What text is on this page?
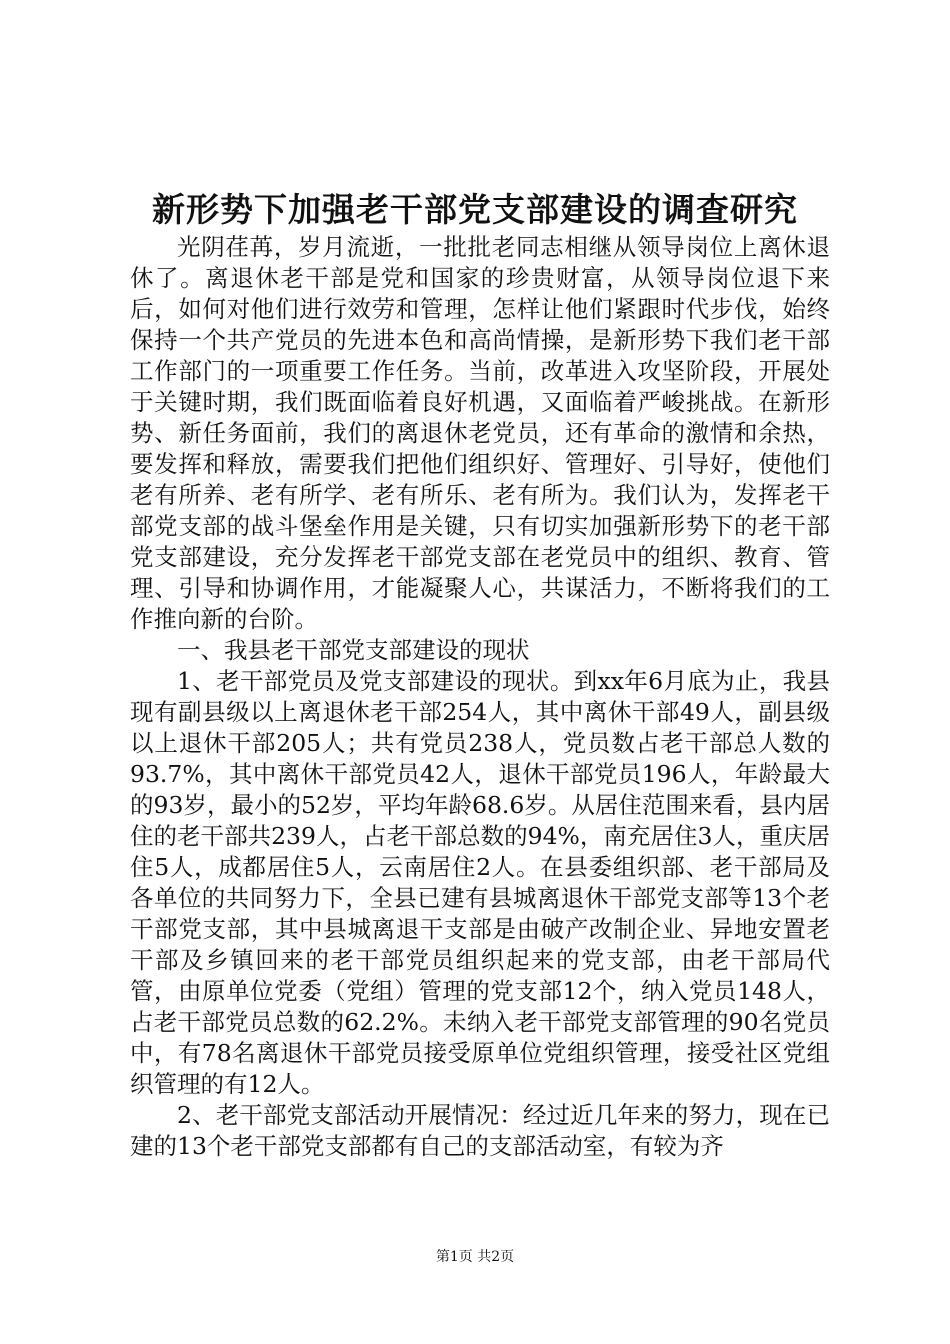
新形势下加强老干部党支部建设的调查研究

光阴荏苒，岁月流逝，一批批老同志相继从领导岗位上离休退休了。离退休老干部是党和国家的珍贵财富，从领导岗位退下来后，如何对他们进行效劳和管理，怎样让他们紧跟时代步伐，始终保持一个共产党员的先进本色和高尚情操，是新形势下我们老干部工作部门的一项重要工作任务。当前，改革进入攻坚阶段，开展处于关键时期，我们既面临着良好机遇，又面临着严峻挑战。在新形势、新任务面前，我们的离退休老党员，还有革命的激情和余热，要发挥和释放，需要我们把他们组织好、管理好、引导好，使他们老有所养、老有所学、老有所乐、老有所为。我们认为，发挥老干部党支部的战斗堡垒作用是关键，只有切实加强新形势下的老干部党支部建设，充分发挥老干部党支部在老党员中的组织、教育、管理、引导和协调作用，才能凝聚人心，共谋活力，不断将我们的工作推向新的台阶。

一、我县老干部党支部建设的现状

1、老干部党员及党支部建设的现状。到xx年6月底为止，我县现有副县级以上离退休老干部254人，其中离休干部49人，副县级以上退休干部205人；共有党员238人，党员数占老干部总人数的93.7%，其中离休干部党员42人，退休干部党员196人，年龄最大的93岁，最小的52岁，平均年龄68.6岁。从居住范围来看，县内居住的老干部共239人，占老干部总数的94%，南充居住3人，重庆居住5人，成都居住5人，云南居住2人。在县委组织部、老干部局及各单位的共同努力下，全县已建有县城离退休干部党支部等13个老干部党支部，其中县城离退干支部是由破产改制企业、异地安置老干部及乡镇回来的老干部党员组织起来的党支部，由老干部局代管，由原单位党委（党组）管理的党支部12个，纳入党员148人，占老干部党员总数的62.2%。未纳入老干部党支部管理的90名党员中，有78名离退休干部党员接受原单位党组织管理，接受社区党组织管理的有12人。

2、老干部党支部活动开展情况：经过近几年来的努力，现在已建的13个老干部党支部都有自己的支部活动室，有较为齐

第1页 共2页
